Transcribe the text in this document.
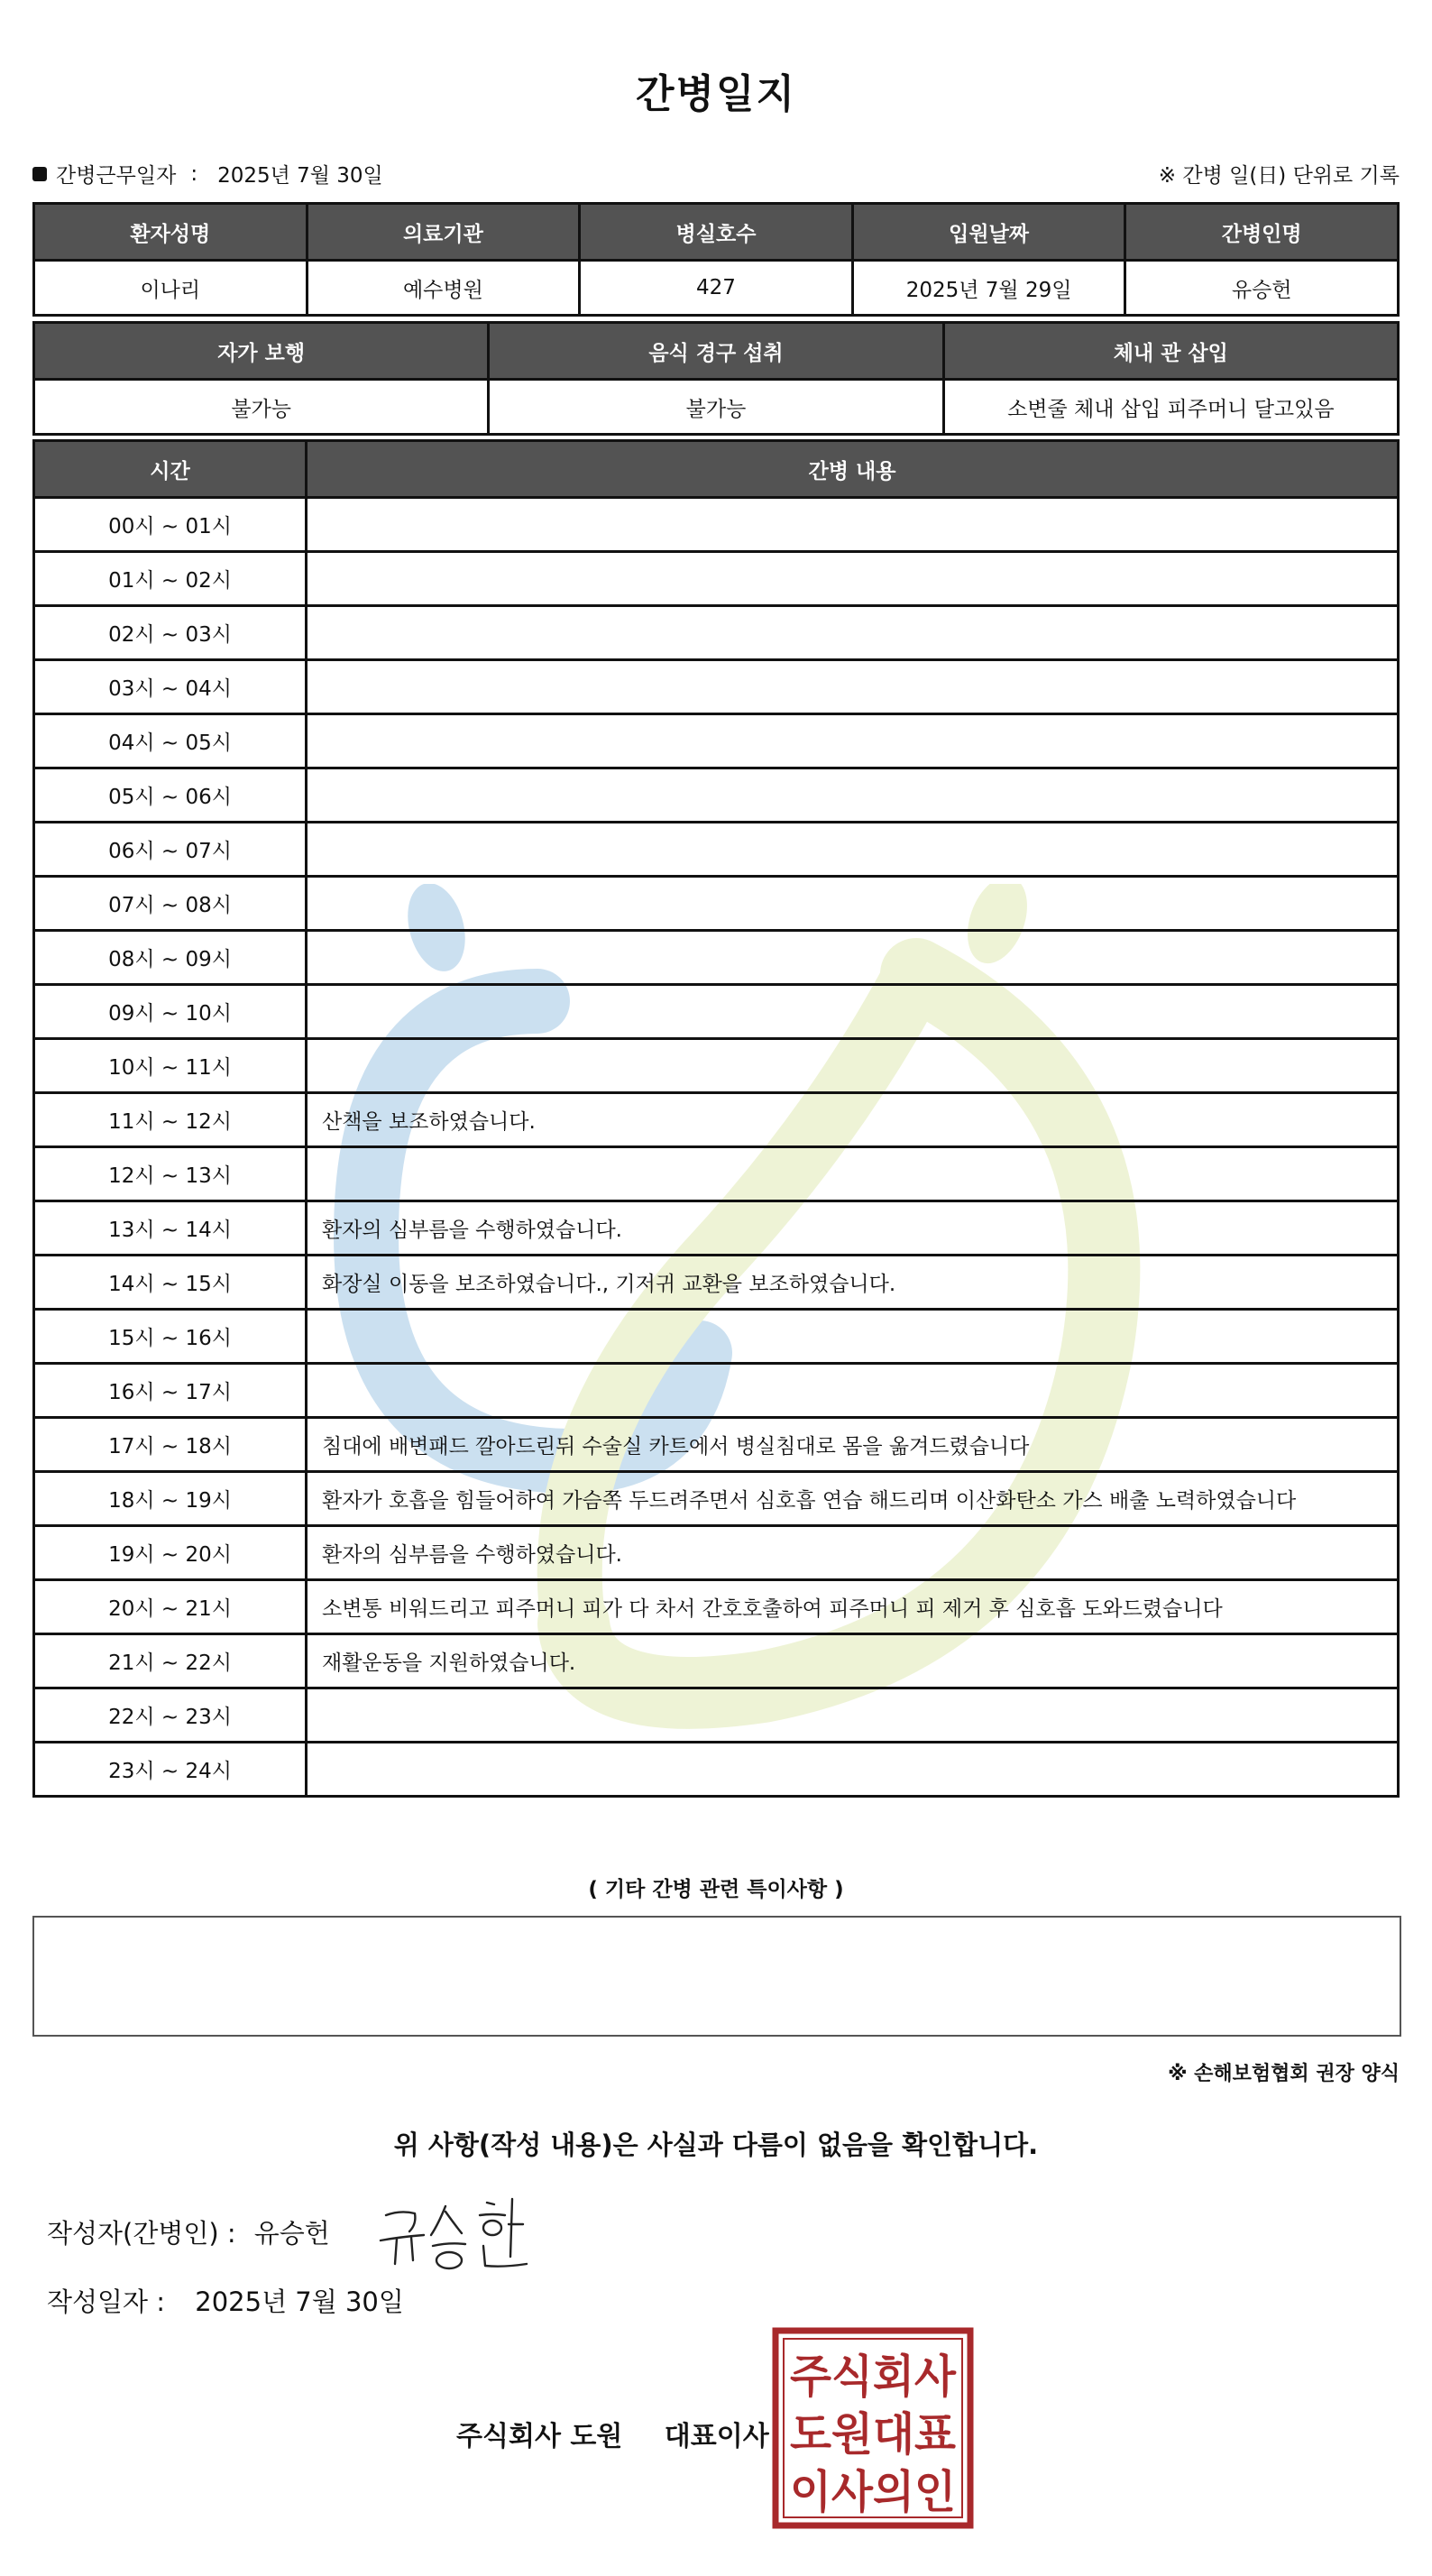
간병일지
간병근무일자 : 2025년 7월 30일	※ 간병 일(日) 단위로 기록
환자성명	의료기관	병실호수	입원날짜	간병인명
이나리	예수병원	427	2025년 7월 29일	유승헌
자가 보행	음식 경구 섭취	체내 관 삽입
불가능	불가능	소변줄 체내 삽입 피주머니 달고있음
시간	간병 내용
00시 ~ 01시	
01시 ~ 02시	
02시 ~ 03시	
03시 ~ 04시	
04시 ~ 05시	
05시 ~ 06시	
06시 ~ 07시	
07시 ~ 08시	
08시 ~ 09시	
09시 ~ 10시	
10시 ~ 11시	
11시 ~ 12시	산책을 보조하였습니다.
12시 ~ 13시	
13시 ~ 14시	환자의 심부름을 수행하였습니다.
14시 ~ 15시	화장실 이동을 보조하였습니다., 기저귀 교환을 보조하였습니다.
15시 ~ 16시	
16시 ~ 17시	
17시 ~ 18시	침대에 배변패드 깔아드린뒤 수술실 카트에서 병실침대로 몸을 옮겨드렸습니다
18시 ~ 19시	환자가 호흡을 힘들어하여 가슴쪽 두드려주면서 심호흡 연습 해드리며 이산화탄소 가스 배출 노력하였습니다
19시 ~ 20시	환자의 심부름을 수행하였습니다.
20시 ~ 21시	소변통 비워드리고 피주머니 피가 다 차서 간호호출하여 피주머니 피 제거 후 심호흡 도와드렸습니다
21시 ~ 22시	재활운동을 지원하였습니다.
22시 ~ 23시	
23시 ~ 24시	
( 기타 간병 관련 특이사항 )
※ 손해보험협회 권장 양식
위 사항(작성 내용)은 사실과 다름이 없음을 확인합니다.
작성자(간병인) : 유승헌
작성일자 : 2025년 7월 30일
주식회사 도원 대표이사
주식회사
도원대표
이사의인
